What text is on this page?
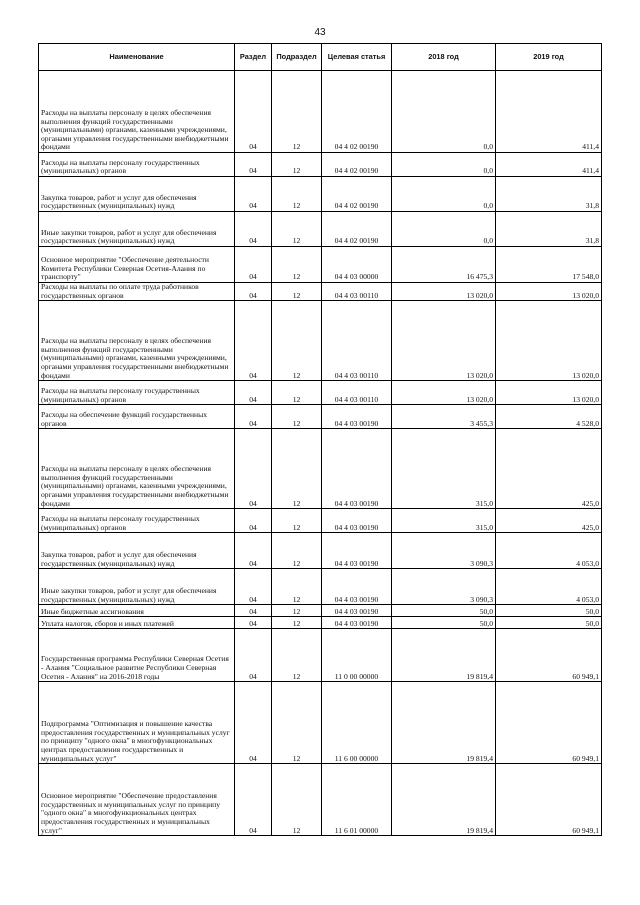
43
Наименование	Раздел	Подраздел	Целевая статья	2018 год	2019 год
Расходы на выплаты персоналу в целях обеспечения выполнения функций государственными (муниципальными) органами, казенными учреждениями, органами управления государственными внебюджетными фондами	04	12	04 4 02 00190	0,0	411,4
Расходы на выплаты персоналу государственных (муниципальных) органов	04	12	04 4 02 00190	0,0	411,4
Закупка товаров, работ и услуг для обеспечения государственных (муниципальных) нужд	04	12	04 4 02 00190	0,0	31,8
Иные закупки товаров, работ и услуг для обеспечения государственных (муниципальных) нужд	04	12	04 4 02 00190	0,0	31,8
Основное мероприятие "Обеспечение деятельности Комитета Республики Северная Осетия-Алания по транспорту"	04	12	04 4 03 00000	16 475,3	17 548,0
Расходы на выплаты по оплате труда работников государственных органов	04	12	04 4 03 00110	13 020,0	13 020,0
Расходы на выплаты персоналу в целях обеспечения выполнения функций государственными (муниципальными) органами, казенными учреждениями, органами управления государственными внебюджетными фондами	04	12	04 4 03 00110	13 020,0	13 020,0
Расходы на выплаты персоналу государственных (муниципальных) органов	04	12	04 4 03 00110	13 020,0	13 020,0
Расходы на обеспечение функций государственных органов	04	12	04 4 03 00190	3 455,3	4 528,0
Расходы на выплаты персоналу в целях обеспечения выполнения функций государственными (муниципальными) органами, казенными учреждениями, органами управления государственными внебюджетными фондами	04	12	04 4 03 00190	315,0	425,0
Расходы на выплаты персоналу государственных (муниципальных) органов	04	12	04 4 03 00190	315,0	425,0
Закупка товаров, работ и услуг для обеспечения государственных (муниципальных) нужд	04	12	04 4 03 00190	3 090,3	4 053,0
Иные закупки товаров, работ и услуг для обеспечения государственных (муниципальных) нужд	04	12	04 4 03 00190	3 090,3	4 053,0
Иные бюджетные ассигнования	04	12	04 4 03 00190	50,0	50,0
Уплата налогов, сборов и иных платежей	04	12	04 4 03 00190	50,0	50,0
Государственная программа Республики Северная Осетия - Алания "Социальное развитие Республики Северная Осетия - Алания" на 2016-2018 годы	04	12	11 0 00 00000	19 819,4	60 949,1
Подпрограмма "Оптимизация и повышение качества предоставления государственных и муниципальных услуг по принципу "одного окна" в многофункциональных центрах предоставления государственных и муниципальных услуг"	04	12	11 6 00 00000	19 819,4	60 949,1
Основное мероприятие "Обеспечение предоставления государственных и муниципальных услуг по принципу "одного окна" в многофункциональных центрах предоставления государственных и муниципальных услуг"	04	12	11 6 01 00000	19 819,4	60 949,1
